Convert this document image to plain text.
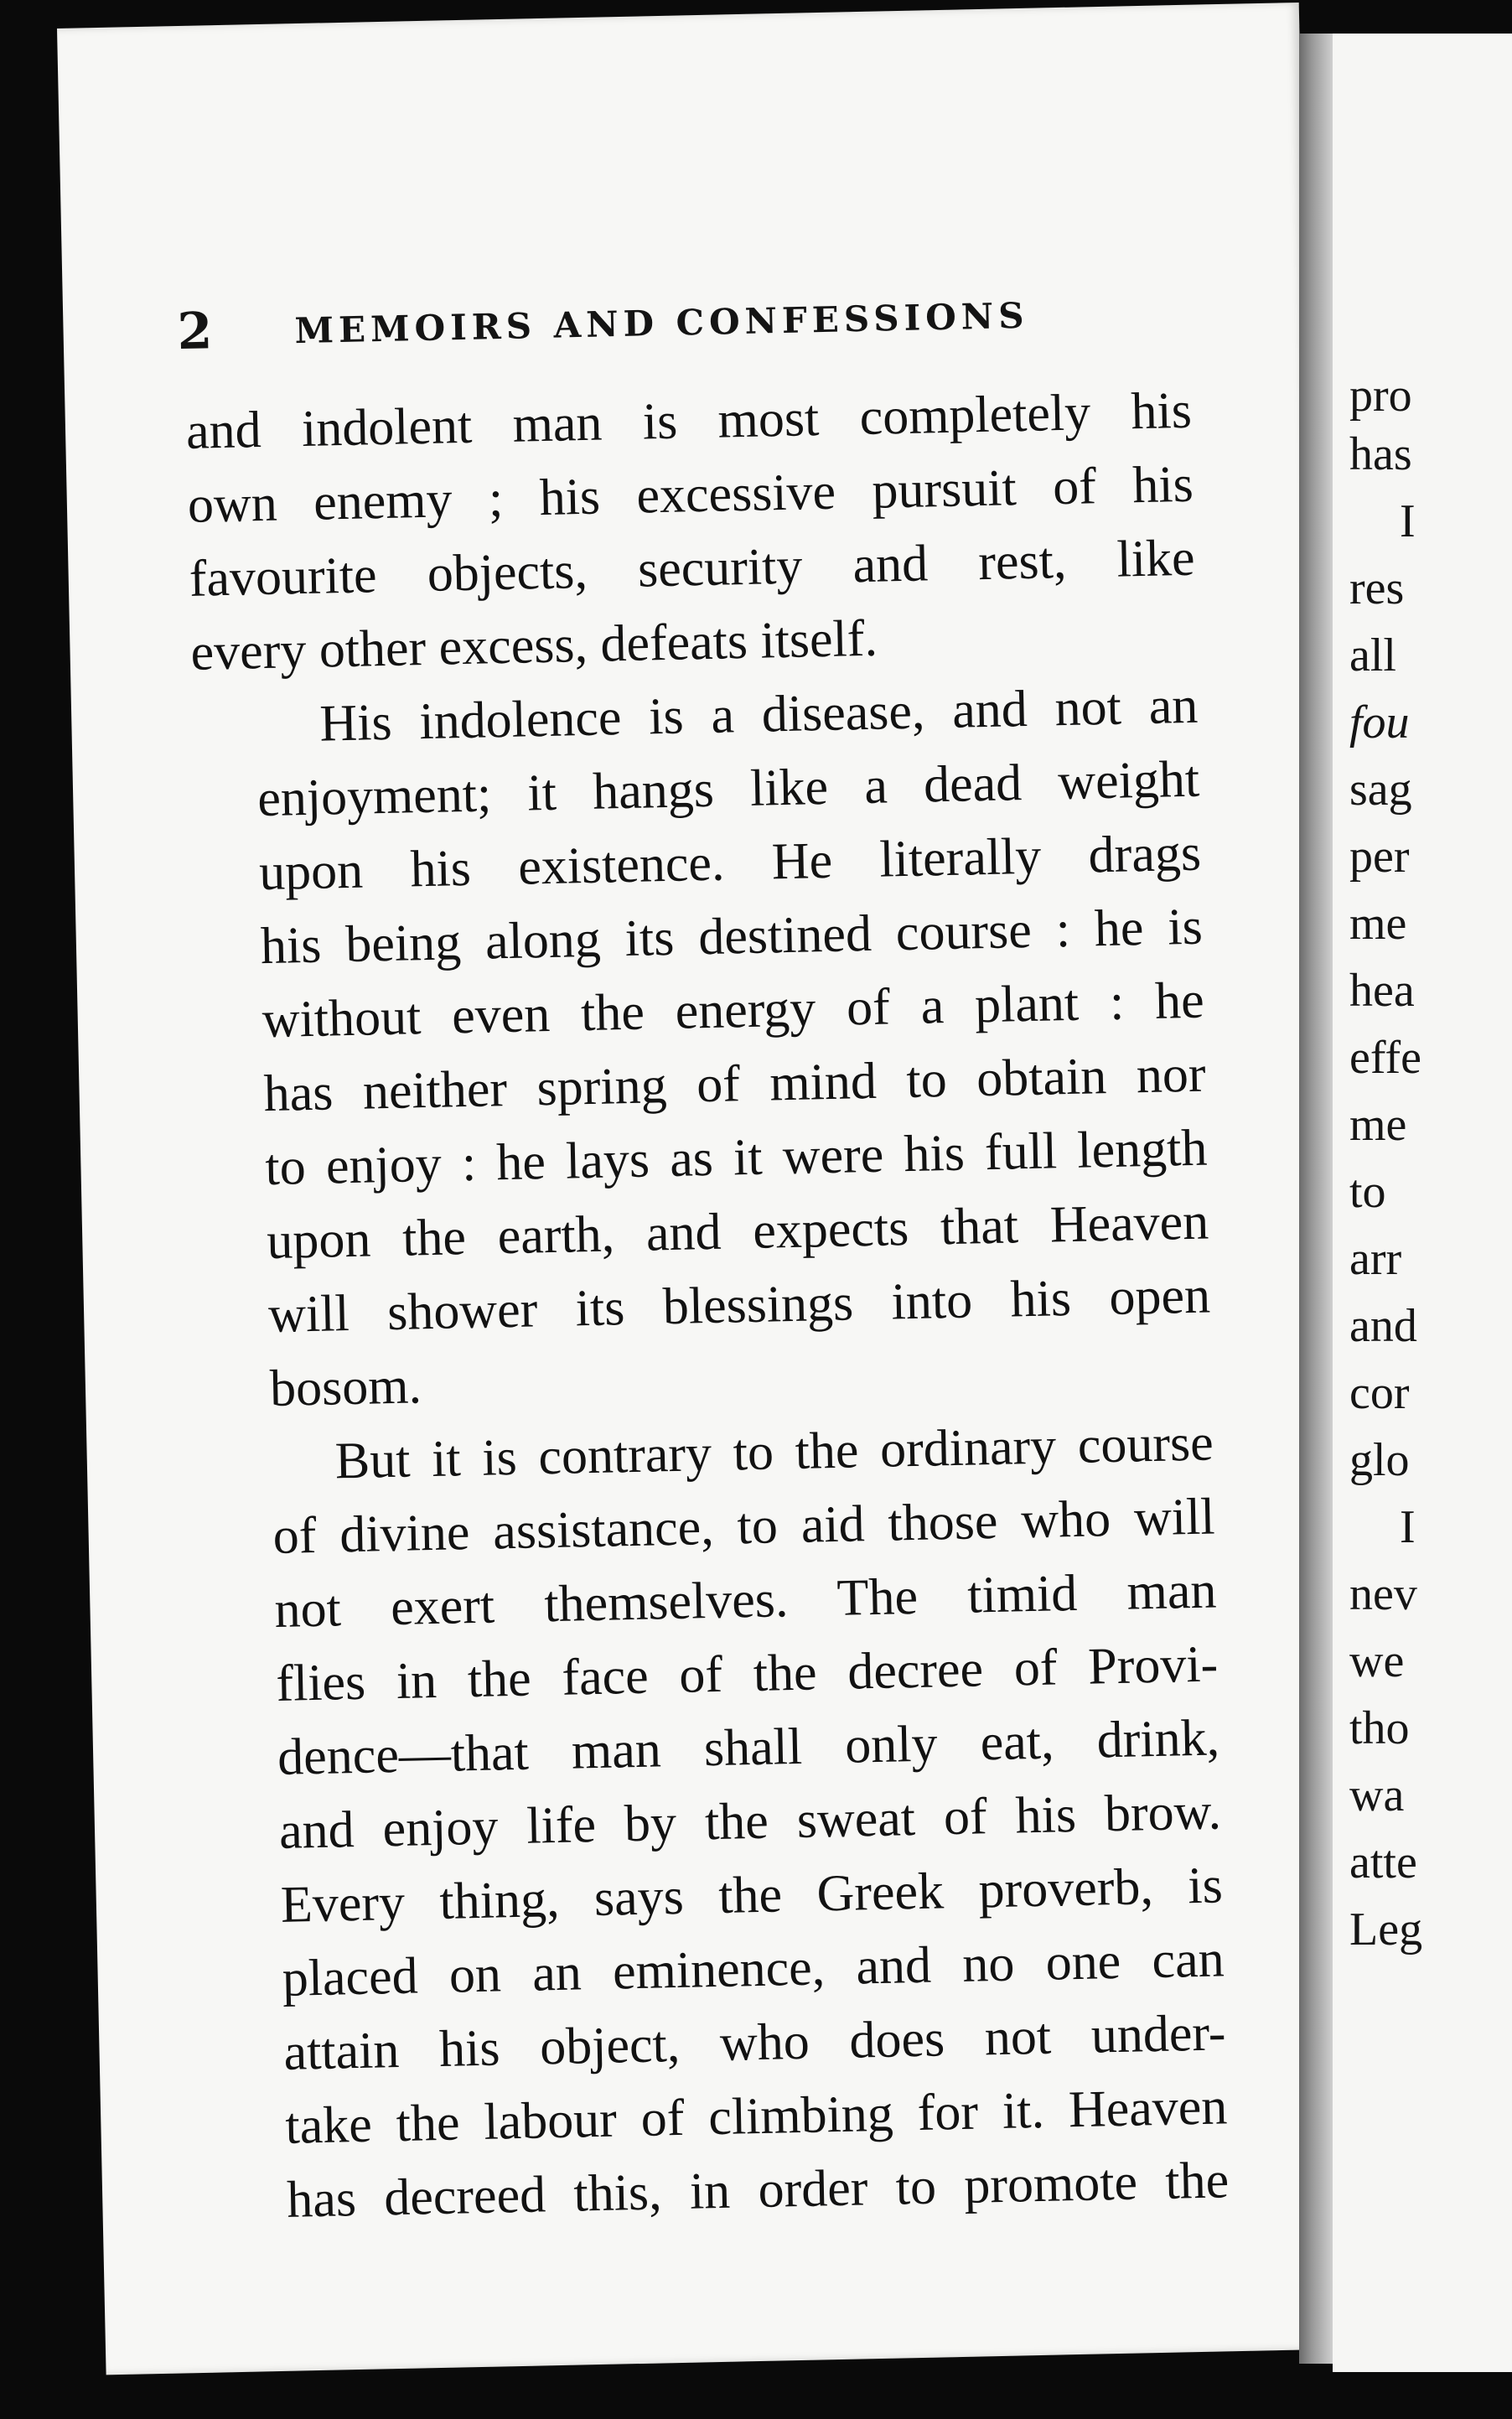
2 MEMOIRS AND CONFESSIONS
and indolent man is most completely his
own enemy ; his excessive pursuit of his
favourite objects, security and rest, like
every other excess, defeats itself.
His indolence is a disease, and not an
enjoyment; it hangs like a dead weight
upon his existence. He literally drags
his being along its destined course : he is
without even the energy of a plant : he
has neither spring of mind to obtain nor
to enjoy : he lays as it were his full length
upon the earth, and expects that Heaven
will shower its blessings into his open
bosom.
But it is contrary to the ordinary course
of divine assistance, to aid those who will
not exert themselves. The timid man
flies in the face of the decree of Provi-
dence—that man shall only eat, drink,
and enjoy life by the sweat of his brow.
Every thing, says the Greek proverb, is
placed on an eminence, and no one can
attain his object, who does not under-
take the labour of climbing for it. Heaven
has decreed this, in order to promote the
pro
has
I
res
all
fou
sag
per
me
hea
effe
me
to
arr
and
cor
glo
I
nev
we
tho
wa
atte
Leg
